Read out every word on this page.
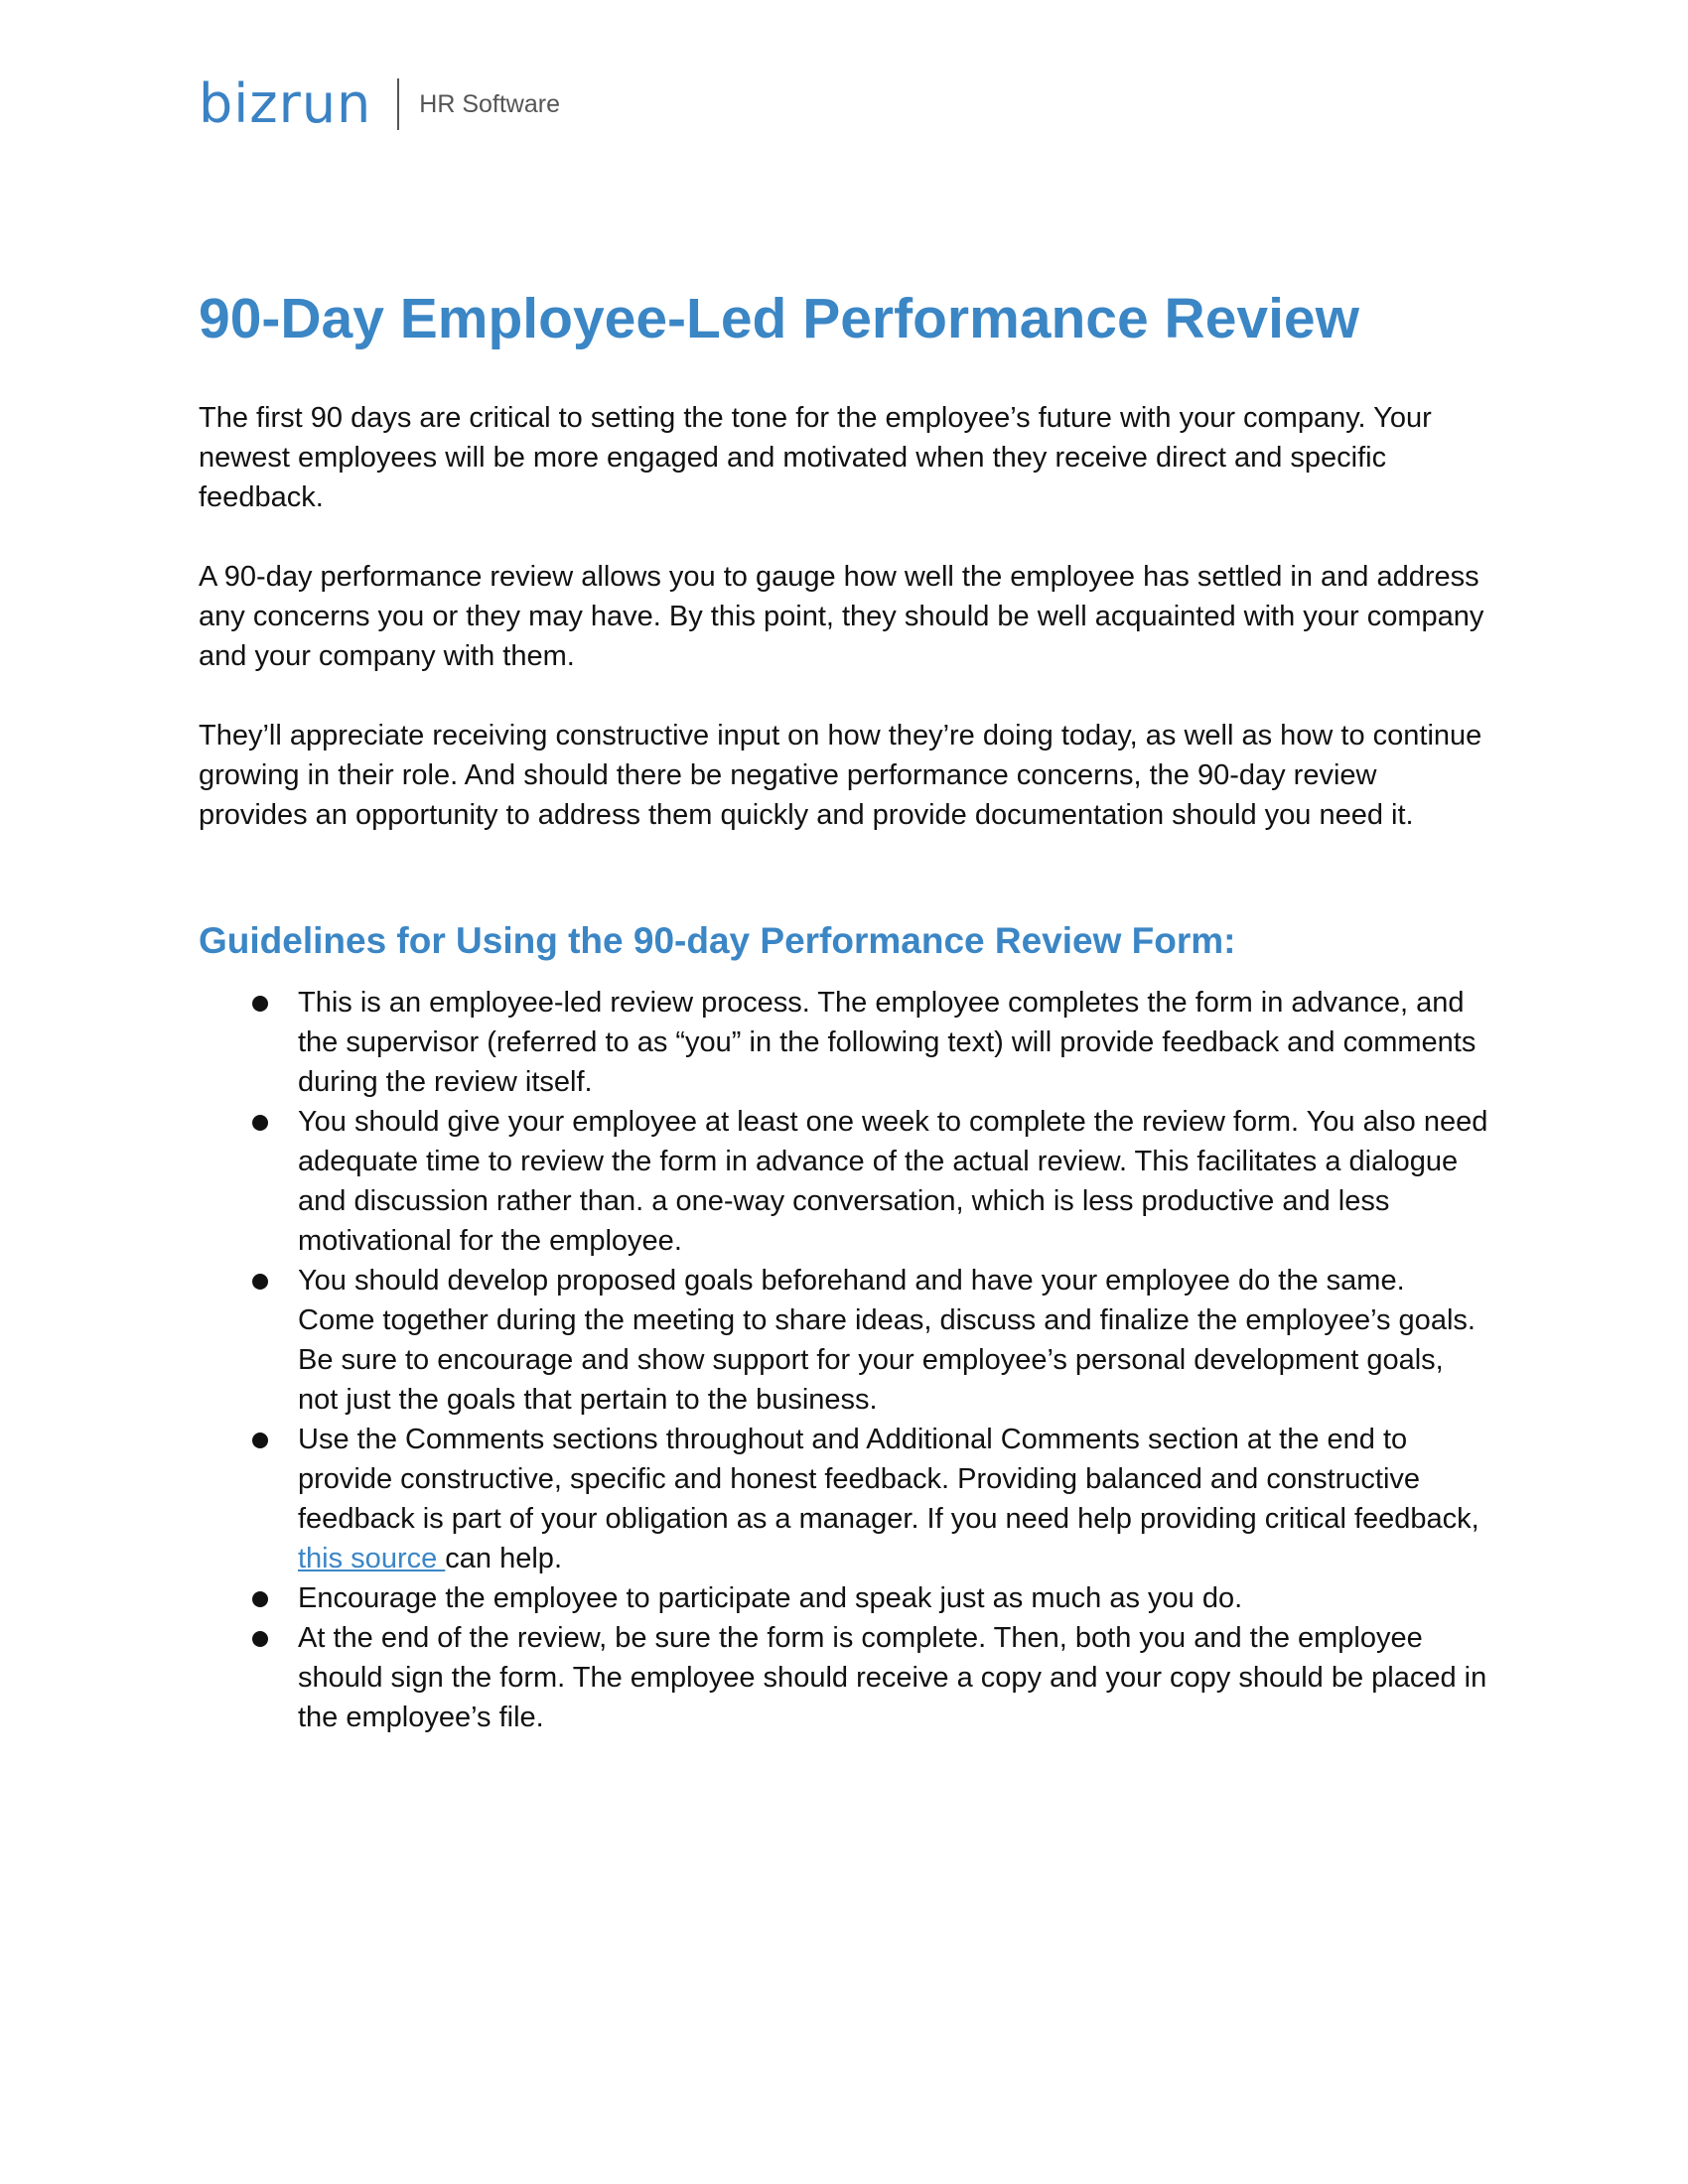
bizrun HR Software
90-Day Employee-Led Performance Review

The first 90 days are critical to setting the tone for the employee’s future with your company. Your newest employees will be more engaged and motivated when they receive direct and specific feedback.

A 90-day performance review allows you to gauge how well the employee has settled in and address any concerns you or they may have. By this point, they should be well acquainted with your company and your company with them.

They’ll appreciate receiving constructive input on how they’re doing today, as well as how to continue growing in their role. And should there be negative performance concerns, the 90-day review provides an opportunity to address them quickly and provide documentation should you need it.

Guidelines for Using the 90-day Performance Review Form:
This is an employee-led review process. The employee completes the form in advance, and the supervisor (referred to as “you” in the following text) will provide feedback and comments during the review itself.
You should give your employee at least one week to complete the review form. You also need adequate time to review the form in advance of the actual review. This facilitates a dialogue and discussion rather than. a one-way conversation, which is less productive and less motivational for the employee.
You should develop proposed goals beforehand and have your employee do the same. Come together during the meeting to share ideas, discuss and finalize the employee’s goals. Be sure to encourage and show support for your employee’s personal development goals, not just the goals that pertain to the business.
Use the Comments sections throughout and Additional Comments section at the end to provide constructive, specific and honest feedback. Providing balanced and constructive feedback is part of your obligation as a manager. If you need help providing critical feedback, this source can help.
Encourage the employee to participate and speak just as much as you do.
At the end of the review, be sure the form is complete. Then, both you and the employee should sign the form. The employee should receive a copy and your copy should be placed in the employee’s file.
